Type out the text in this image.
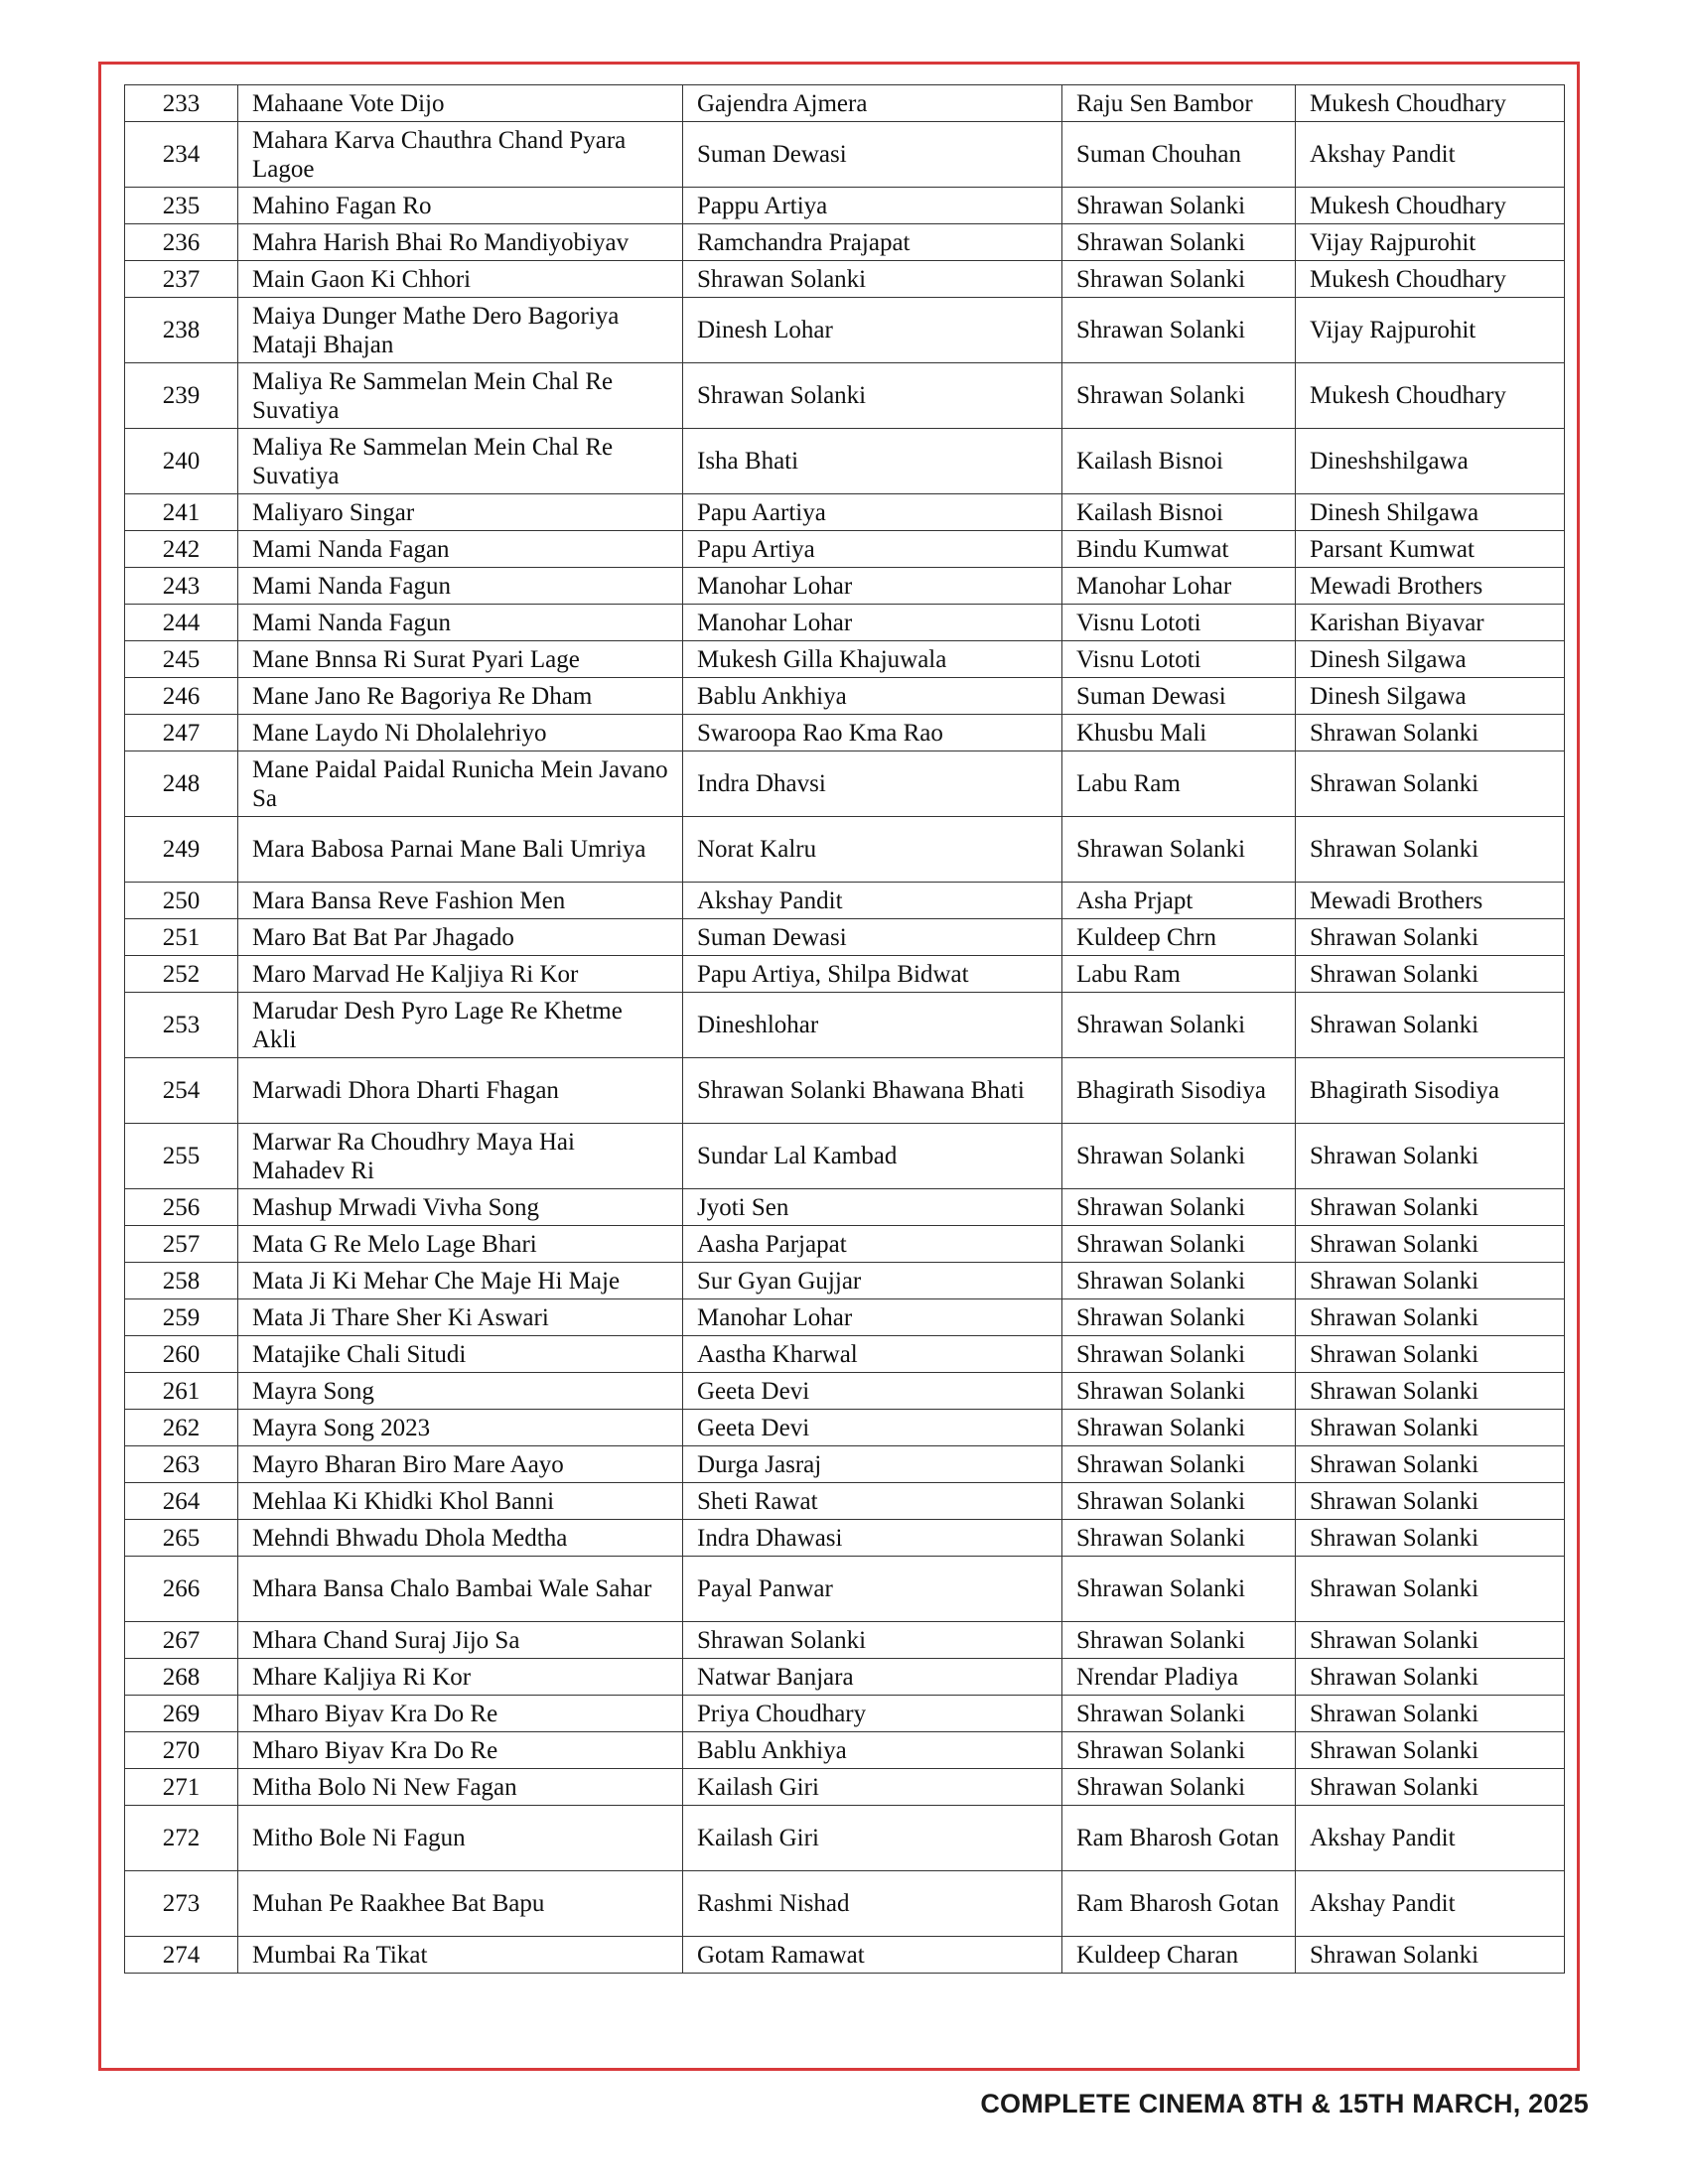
233	Mahaane Vote Dijo	Gajendra Ajmera	Raju Sen Bambor	Mukesh Choudhary
234	Mahara Karva Chauthra Chand Pyara Lagoe	Suman Dewasi	Suman Chouhan	Akshay Pandit
235	Mahino Fagan Ro	Pappu Artiya	Shrawan Solanki	Mukesh Choudhary
236	Mahra Harish Bhai Ro Mandiyobiyav	Ramchandra Prajapat	Shrawan Solanki	Vijay Rajpurohit
237	Main Gaon Ki Chhori	Shrawan Solanki	Shrawan Solanki	Mukesh Choudhary
238	Maiya Dunger Mathe Dero Bagoriya Mataji Bhajan	Dinesh Lohar	Shrawan Solanki	Vijay Rajpurohit
239	Maliya Re Sammelan Mein Chal Re Suvatiya	Shrawan Solanki	Shrawan Solanki	Mukesh Choudhary
240	Maliya Re Sammelan Mein Chal Re Suvatiya	Isha Bhati	Kailash Bisnoi	Dineshshilgawa
241	Maliyaro Singar	Papu Aartiya	Kailash Bisnoi	Dinesh Shilgawa
242	Mami Nanda Fagan	Papu Artiya	Bindu Kumwat	Parsant Kumwat
243	Mami Nanda Fagun	Manohar Lohar	Manohar Lohar	Mewadi Brothers
244	Mami Nanda Fagun	Manohar Lohar	Visnu Lototi	Karishan Biyavar
245	Mane Bnnsa Ri Surat Pyari Lage	Mukesh Gilla Khajuwala	Visnu Lototi	Dinesh Silgawa
246	Mane Jano Re Bagoriya Re Dham	Bablu Ankhiya	Suman Dewasi	Dinesh Silgawa
247	Mane Laydo Ni Dholalehriyo	Swaroopa Rao Kma Rao	Khusbu Mali	Shrawan Solanki
248	Mane Paidal Paidal Runicha Mein Javano Sa	Indra Dhavsi	Labu Ram	Shrawan Solanki
249	Mara Babosa Parnai Mane Bali Umriya	Norat Kalru	Shrawan Solanki	Shrawan Solanki
250	Mara Bansa Reve Fashion Men	Akshay Pandit	Asha Prjapt	Mewadi Brothers
251	Maro Bat Bat Par Jhagado	Suman Dewasi	Kuldeep Chrn	Shrawan Solanki
252	Maro Marvad He Kaljiya Ri Kor	Papu Artiya, Shilpa Bidwat	Labu Ram	Shrawan Solanki
253	Marudar Desh Pyro Lage Re Khetme Akli	Dineshlohar	Shrawan Solanki	Shrawan Solanki
254	Marwadi Dhora Dharti Fhagan	Shrawan Solanki Bhawana Bhati	Bhagirath Sisodiya	Bhagirath Sisodiya
255	Marwar Ra Choudhry Maya Hai Mahadev Ri	Sundar Lal Kambad	Shrawan Solanki	Shrawan Solanki
256	Mashup Mrwadi Vivha Song	Jyoti Sen	Shrawan Solanki	Shrawan Solanki
257	Mata G Re Melo Lage Bhari	Aasha Parjapat	Shrawan Solanki	Shrawan Solanki
258	Mata Ji Ki Mehar Che Maje Hi Maje	Sur Gyan Gujjar	Shrawan Solanki	Shrawan Solanki
259	Mata Ji Thare Sher Ki Aswari	Manohar Lohar	Shrawan Solanki	Shrawan Solanki
260	Matajike Chali Situdi	Aastha Kharwal	Shrawan Solanki	Shrawan Solanki
261	Mayra Song	Geeta Devi	Shrawan Solanki	Shrawan Solanki
262	Mayra Song 2023	Geeta Devi	Shrawan Solanki	Shrawan Solanki
263	Mayro Bharan Biro Mare Aayo	Durga Jasraj	Shrawan Solanki	Shrawan Solanki
264	Mehlaa Ki Khidki Khol Banni	Sheti Rawat	Shrawan Solanki	Shrawan Solanki
265	Mehndi Bhwadu Dhola Medtha	Indra Dhawasi	Shrawan Solanki	Shrawan Solanki
266	Mhara Bansa Chalo Bambai Wale Sahar	Payal Panwar	Shrawan Solanki	Shrawan Solanki
267	Mhara Chand Suraj Jijo Sa	Shrawan Solanki	Shrawan Solanki	Shrawan Solanki
268	Mhare Kaljiya Ri Kor	Natwar Banjara	Nrendar Pladiya	Shrawan Solanki
269	Mharo Biyav Kra Do Re	Priya Choudhary	Shrawan Solanki	Shrawan Solanki
270	Mharo Biyav Kra Do Re	Bablu Ankhiya	Shrawan Solanki	Shrawan Solanki
271	Mitha Bolo Ni New Fagan	Kailash Giri	Shrawan Solanki	Shrawan Solanki
272	Mitho Bole Ni Fagun	Kailash Giri	Ram Bharosh Gotan	Akshay Pandit
273	Muhan Pe Raakhee Bat Bapu	Rashmi Nishad	Ram Bharosh Gotan	Akshay Pandit
274	Mumbai Ra Tikat	Gotam Ramawat	Kuldeep Charan	Shrawan Solanki
COMPLETE CINEMA 8TH & 15TH MARCH, 2025
